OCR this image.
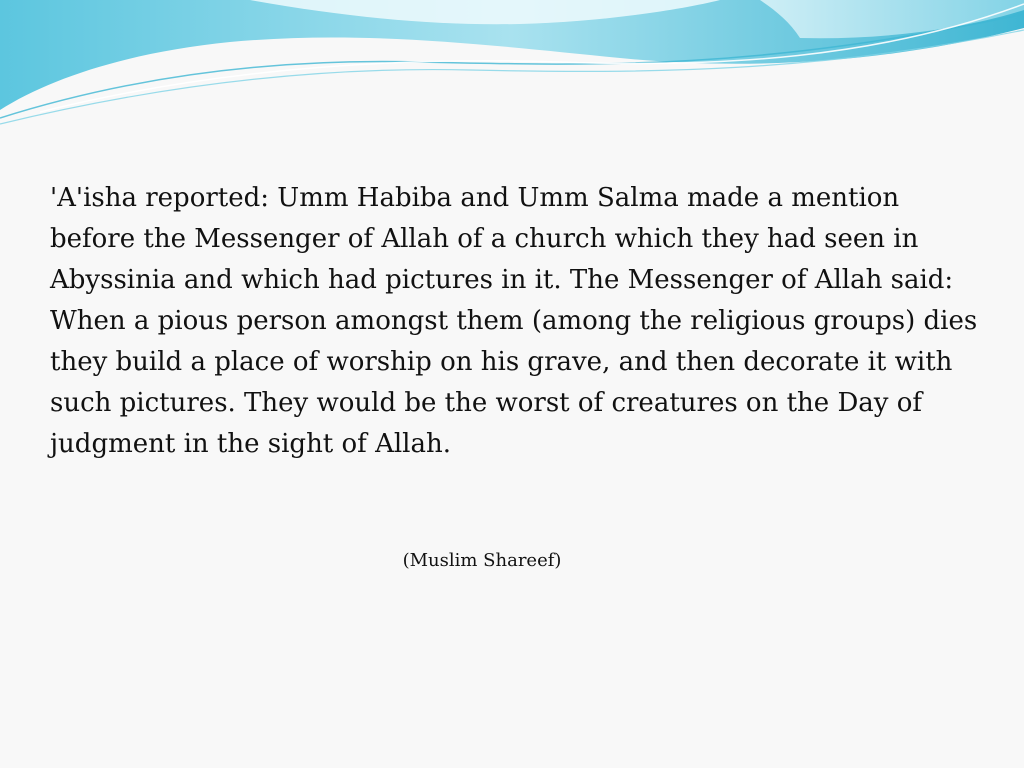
'A'isha reported: Umm Habiba and Umm Salma made a mention before the Messenger of Allah of a church which they had seen in Abyssinia and which had pictures in it. The Messenger of Allah said: When a pious person amongst them (among the religious groups) dies they build a place of worship on his grave, and then decorate it with such pictures. They would be the worst of creatures on the Day of judgment in the sight of Allah.

(Muslim Shareef)
